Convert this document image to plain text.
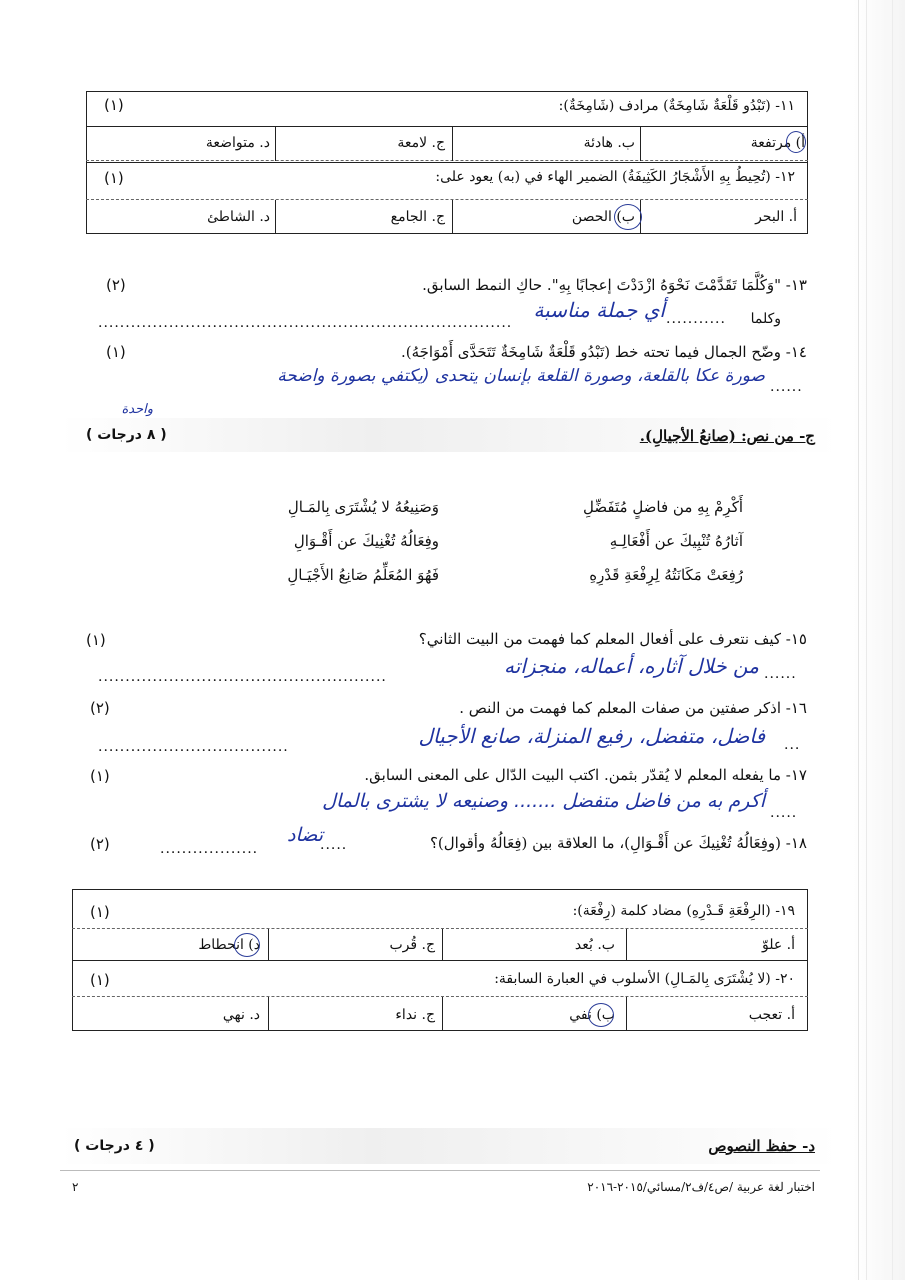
١١- (تَبْدُو قَلْعَةٌ شَامِخَةٌ) مرادف (شَامِخَةٌ):
(١)
أ) مرتفعة
ب. هادئة
ج. لامعة
د. متواضعة
١٢- (تُحِيطُ بِهِ الأَشْجَارُ الكَثِيفَةُ) الضمير الهاء في (به) يعود على:
(١)
أ. البحر
ب) الحصن
ج. الجامع
د. الشاطئ
١٣- "وَكُلَّمَا تَقَدَّمْتَ نَحْوَهُ ازْدَدْتَ إعجابًا بِهِ". حاكِ النمط السابق.
(٢)
وكلما
...........
............................................................................
أي جملة مناسبة
١٤- وضّح الجمال فيما تحته خط (تَبْدُو قَلْعَةٌ شَامِخَةٌ تَتَحَدَّى أَمْوَاجَهُ).
(١)
......
صورة عكا بالقلعة، وصورة القلعة بإنسان يتحدى (يكتفي بصورة واضحة
واحدة
ج- من نص: (صانعُ الأجيالِ).
( ٨ درجات )
أَكْرِمْ بِهِ من فاضلٍ مُتَفَضِّلِ
وَصَنِيعُهُ لا يُشْتَرَى بِالمَـالِ
آثارُهُ تُنْبِيكَ عن أَفْعَالِـهِ
وفِعَالُهُ تُغْنِيكَ عن أَقْـوَالِ
رُفِعَتْ مَكَانَتُهُ لِرِفْعَةِ قَدْرِهِ
فَهُوَ المُعَلِّمُ صَانِعُ الأَجْيَـالِ
١٥- كيف نتعرف على أفعال المعلم كما فهمت من البيت الثاني؟
(١)
......
.....................................................	من خلال آثاره، أعماله، منجزاته
١٦- اذكر صفتين من صفات المعلم كما فهمت من النص .
(٢)
...
...................................	فاضل، متفضل، رفيع المنزلة، صانع الأجيال
١٧- ما يفعله المعلم لا يُقدّر بثمن. اكتب البيت الدّال على المعنى السابق.
(١)
.....
أكرم به من فاضل متفضل ....... وصنيعه لا يشترى بالمال
١٨- (وفِعَالُهُ تُغْنِيكَ عن أَقْـوَالِ)، ما العلاقة بين (فِعَالُهُ وأقوال)؟
.....
..................
تضاد
(٢)
١٩- (الرِفْعَةِ قَـدْرِهِ) مضاد كلمة (رِفْعَة):
(١)
أ. علوّ
ب. بُعد
ج. قُرب
د) انحطاط
٢٠- (لا يُشْتَرَى بِالمَـالِ) الأسلوب في العبارة السابقة:
(١)
أ. تعجب
ب) نفي
ج. نداء
د. نهي
د- حفظ النصوص
( ٤ درجات )
اختبار لغة عربية /ص٤/ف٢/مسائي/٢٠١٥-٢٠١٦
٢
